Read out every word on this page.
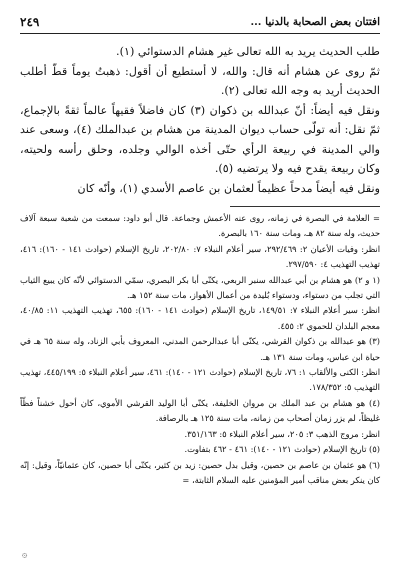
افتتان بعض الصحابة بالدنيا ...
٢٤٩

طلب الحديث يريد به الله تعالى غير هشام الدستوائي (١).

ثمّ روى عن هشام أنه قال: والله، لا أستطيع أن أقول: ذهبتُ يوماً قطّ أطلب الحديث أريد به وجه الله تعالى (٢).

ونقل فيه أيضاً: أنّ عبدالله بن ذكوان (٣) كان فاضلاً فقيهاً عالماً ثقةً بالإجماع، ثمّ نقل: أنه تولّى حساب ديوان المدينة من هشام بن عبدالملك (٤)، وسعى عند والي المدينة في ربيعة الرأي حتّى أخذه الوالي وجلده، وحلق رأسه ولحيته، وكان ربيعة يقدح فيه ولا يرتضيه (٥).

ونقل فيه أيضاً مدحاً عظيماً لعثمان بن عاصم الأسدي (١)، وأنّه كان

= العلامة في البصرة في زمانه، روى عنه الأعمش وجماعة. قال أبو داود: سمعت من شعبة سبعة آلاف حديث، وله سنة ٨٢ هـ، ومات سنة ١٦٠ بالبصرة.

انظر: وفيات الأعيان ٢: ٢٩٢/٤٦٩، سير أعلام النبلاء ٧: ٢٠٢/٨٠، تاريخ الإسلام (حوادث ١٤١ - ١٦٠): ٤١٦، تهذيب التهذيب ٤: ٢٩٧/٥٩٠.

(١ و ٢) هو هشام بن أبي عبدالله سنبر الربعي، يكنّى أبا بكر البصري، سمّي الدستوائي لأنّه كان يبيع الثياب التي تجلب من دستواء، ودستواء بُليدة من أعمال الأهواز، مات سنة ١٥٢ هـ.

انظر: سير أعلام النبلاء ٧: ١٤٩/٥١، تاريخ الإسلام (حوادث ١٤١ - ١٦٠): ٦٥٥، تهذيب التهذيب ١١: ٤٠/٨٥، معجم البلدان للحموي ٢: ٤٥٥.

(٣) هو عبدالله بن ذكوان القرشي، يكنّى أبا عبدالرحمن المدني، المعروف بأبي الزناد، وله سنة ٦٥ هـ في حياة ابن عباس، ومات سنة ١٣١ هـ.

انظر: الكنى والألقاب ١: ٧٦، تاريخ الإسلام (حوادث ١٢١ - ١٤٠): ٤٦١، سير أعلام النبلاء ٥: ٤٤٥/١٩٩، تهذيب التهذيب ٥: ١٧٨/٣٥٢.

(٤) هو هشام بن عبد الملك بن مروان الخليفة، يكنّى أبا الوليد القرشي الأموي، كان أحول خشناً فظّاً غليظاً، لم يزر زمان أصحاب من زمانه، مات سنة ١٢٥ هـ بالرصافة.

انظر: مروج الذهب ٣: ٢٠٥، سير أعلام النبلاء ٥: ٣٥١/١٦٣.

(٥) تاريخ الإسلام (حوادث ١٢١ - ١٤٠): ٤٦١ - ٤٦٢ بتفاوت.

(٦) هو عثمان بن عاصم بن حصين، وقيل بدل حصين: زيد بن كثير، يكنّى أبا حصين، كان عثمانيّاً، وقيل: إنّه كان ينكر بعض مناقب أمير المؤمنين عليه السلام الثابتة، =

۞
